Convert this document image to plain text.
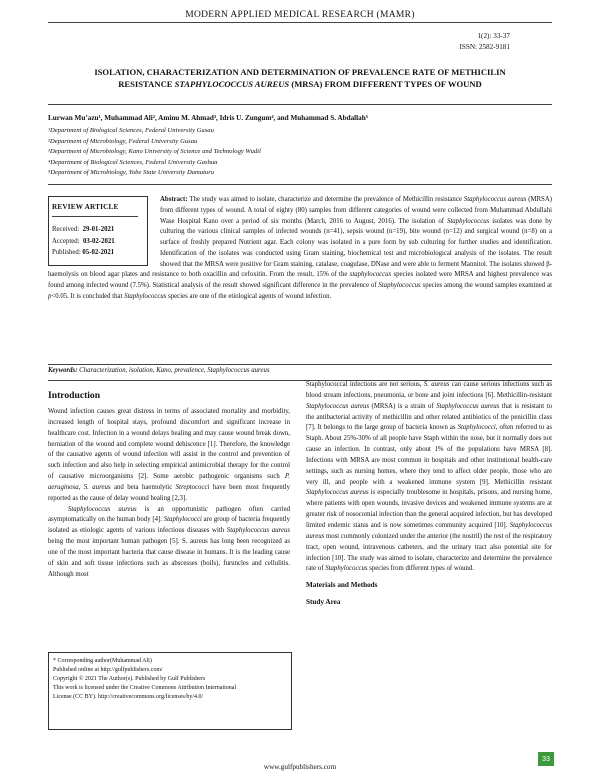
MODERN APPLIED MEDICAL RESEARCH (MAMR)
1(2): 33-37
ISSN: 2582-9181
ISOLATION, CHARACTERIZATION AND DETERMINATION OF PREVALENCE RATE OF METHICILIN
RESISTANCE STAPHYLOCOCCUS AUREUS (MRSA) FROM DIFFERENT TYPES OF WOUND
Lurwan Mu’azu¹, Muhammad Ali², Aminu M. Ahmad³, Idris U. Zungum⁴, and Muhammad S. Abdallah⁵
¹Department of Biological Sciences, Federal University Gusau
²Department of Microbiology, Federal University Gusau
³Department of Microbiology, Kano University of Science and Technology Wudil
⁴Department of Biological Sciences, Federal University Gashua
⁵Department of Microbiology, Yobe State University Damaturu
REVIEW ARTICLE
Received: 29-01-2021
Accepted: 03-02-2021
Published: 05-02-2021
Abstract: The study was aimed to isolate, characterize and determine the prevalence of Methicillin resistance Staphylococcus aureus (MRSA) from different types of wound. A total of eighty (80) samples from different categories of wound were collected from Muhammad Abdullahi Wase Hospital Kano over a period of six months (March, 2016 to August, 2016). The isolation of Staphylococcus isolates was done by culturing the various clinical samples of infected wounds (n=41), sepsis wound (n=19), bite wound (n=12) and surgical wound (n=8) on a surface of freshly prepared Nutrient agar. Each colony was isolated in a pure form by sub culturing for further studies and identification. Identification of the isolates was conducted using Gram staining, biochemical test and microbiological analysis of the isolates. The result showed that the MRSA were positive for Gram staining, catalase, coagulase, DNase and were able to ferment Mannitol. The isolates showed β-haemolysis on blood agar plates and resistance to both oxacillin and cefoxitin. From the result, 15% of the staphylococcus species isolated were MRSA and highest prevalence was found among infected wound (7.5%). Statistical analysis of the result showed significant difference in the prevalence of Staphylococcus species among the wound samples examined at p<0.05. It is concluded that Staphylococcus species are one of the etiological agents of wound infection.
Keywords: Characterization, isolation, Kano, prevalence, Staphylococcus aureus
Introduction

Wound infection causes great distress in terms of associated mortality and morbidity, increased length of hospital stays, profound discomfort and significant increase in healthcare cost. Infection in a wound delays healing and may cause wound break down, herniation of the wound and complete wound dehiscence [1]. Therefore, the knowledge of the causative agents of wound infection will assist in the control and prevention of such infection and also help in selecting empirical antimicrobial therapy for the control of causative microorganisms [2]. Some aerobic pathogenic organisms such P. aeruginosa, S. aureus and beta haemolytic Streptococci have been most frequently reported as the cause of delay wound healing [2,3].

Staphylococcus aureus is an opportunistic pathogen often carried asymptomatically on the human body [4]. Staphylococci are group of bacteria frequently isolated as etiologic agents of various infectious diseases with Staphylococcus aureus being the most important human pathogen [5]. S. aureus has long been recognized as one of the most important bacteria that cause disease in humans. It is the leading cause of skin and soft tissue infections such as abscesses (boils), furuncles and cellulitis. Although most

Staphylococcal infections are not serious, S. aureus can cause serious infections such as blood stream infections, pneumonia, or bone and joint infections [6]. Methicillin-resistant Staphylococcus aureus (MRSA) is a strain of Staphylococcus aureus that is resistant to the antibacterial activity of methicillin and other related antibiotics of the penicillin class [7]. It belongs to the large group of bacteria known as Staphylococci, often referred to as Staph. About 25%-30% of all people have Staph within the nose, but it normally does not cause an infection. In contrast, only about 1% of the populations have MRSA [8]. Infections with MRSA are most common in hospitals and other institutional health-care settings, such as nursing homes, where they tend to affect older people, those who are very ill, and people with a weakened immune system [9]. Methicillin resistant Staphylococcus aureus is especially troublesome in hospitals, prisons, and nursing home, where patients with open wounds, invasive devices and weakened immune systems are at greater risk of nosocomial infection than the general acquired infection, but has developed limited endemic status and is now sometimes community acquired [10]. Staphylococcus aureus most commonly colonized under the anterior (the nostril) the rest of the respiratory tract, open wound, intravenous catheters, and the urinary tract also potential site for infection [10]. The study was aimed to isolate, characterize and determine the prevalence rate of Staphylococcus species from different types of wound.

Materials and Methods
Study Area
* Corresponding author(Muhammad Ali)
Published online at http://gulfpublishers.com/
Copyright © 2021 The Author(s). Published by Gulf Publishers
This work is licensed under the Creative Commons Attribution International
License (CC BY). http://creativecommons.org/licenses/by/4.0/
www.gulfpublishers.com
33
